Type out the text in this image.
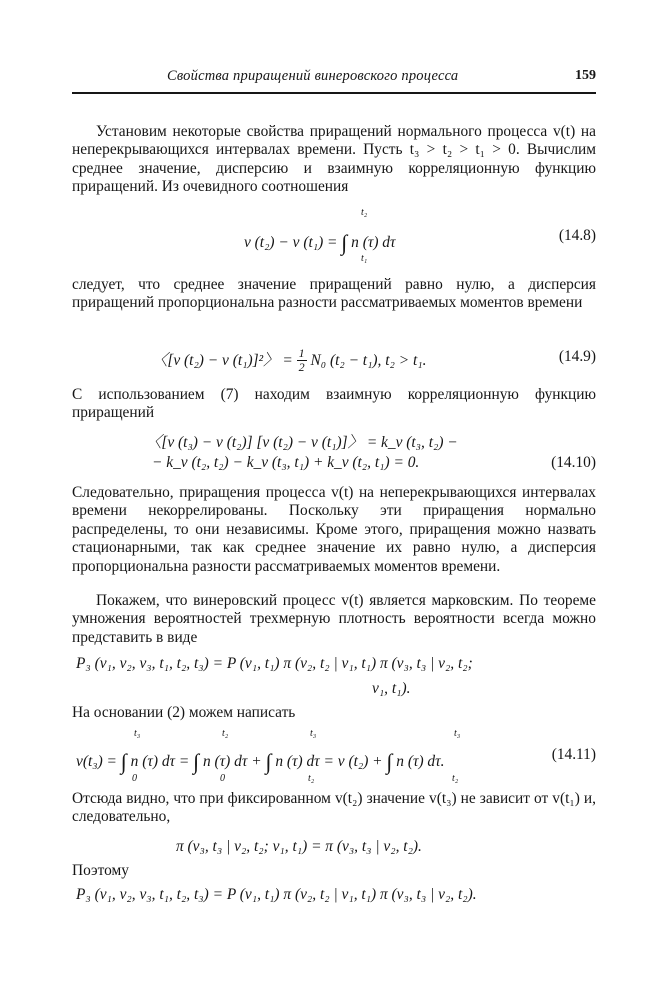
Свойства приращений винеровского процесса	159

Установим некоторые свойства приращений нормального процесса v(t) на неперекрывающихся интервалах времени. Пусть t₃ > t₂ > t₁ > 0. Вычислим среднее значение, дисперсию и взаимную корреляционную функцию приращений. Из очевидного соотношения

v (t₂) − v (t₁) = ∫ n (τ) dτ
t₂
t₁
(14.8)

следует, что среднее значение приращений равно нулю, а дисперсия приращений пропорциональна разности рассматриваемых моментов времени

〈[v (t₂) − v (t₁)]²〉 = $\frac{1}{2} N_0$ (t₂ − t₁), t₂ > t₁.	(14.9)

С использованием (7) находим взаимную корреляционную функцию приращений

〈[v (t₃) − v (t₂)] [v (t₂) − v (t₁)]〉 = k_v (t₃, t₂) −
− k_v (t₂, t₂) − k_v (t₃, t₁) + k_v (t₂, t₁) = 0.	(14.10)

Следовательно, приращения процесса v(t) на неперекрывающихся интервалах времени некоррелированы. Поскольку эти приращения нормально распределены, то они независимы. Кроме этого, приращения можно назвать стационарными, так как среднее значение их равно нулю, а дисперсия пропорциональна разности рассматриваемых моментов времени.

Покажем, что винеровский процесс v(t) является марковским. По теореме умножения вероятностей трехмерную плотность вероятности всегда можно представить в виде

P₃ (v₁, v₂, v₃, t₁, t₂, t₃) = P (v₁, t₁) π (v₂, t₂ | v₁, t₁) π (v₃, t₃ | v₂, t₂;
v₁, t₁).

На основании (2) можем написать

v(t₃) = ∫ n (τ) dτ = ∫ n (τ) dτ + ∫ n (τ) dτ = v (t₂) + ∫ n (τ) dτ.
t₃
0
t₂
0
t₃
t₂
t₃
t₂
(14.11)

Отсюда видно, что при фиксированном v(t₂) значение v(t₃) не зависит от v(t₁) и, следовательно,

π (v₃, t₃ | v₂, t₂; v₁, t₁) = π (v₃, t₃ | v₂, t₂).

Поэтому

P₃ (v₁, v₂, v₃, t₁, t₂, t₃) = P (v₁, t₁) π (v₂, t₂ | v₁, t₁) π (v₃, t₃ | v₂, t₂).
